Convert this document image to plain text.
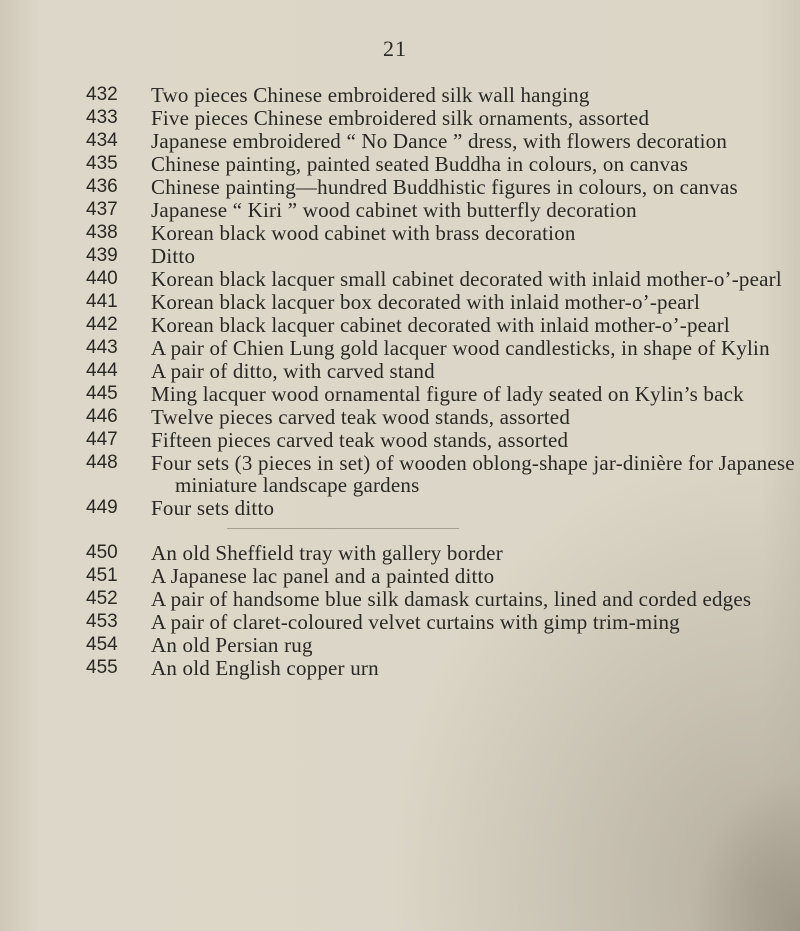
21
432	Two pieces Chinese embroidered silk wall hanging
433	Five pieces Chinese embroidered silk ornaments, assorted
434	Japanese embroidered “ No Dance ” dress, with flowers decoration
435	Chinese painting, painted seated Buddha in colours, on canvas
436	Chinese painting—hundred Buddhistic figures in colours, on canvas
437	Japanese “ Kiri ” wood cabinet with butterfly decoration
438	Korean black wood cabinet with brass decoration
439	Ditto
440	Korean black lacquer small cabinet decorated with inlaid mother-o’-pearl
441	Korean black lacquer box decorated with inlaid mother-o’-pearl
442	Korean black lacquer cabinet decorated with inlaid mother-o’-pearl
443	A pair of Chien Lung gold lacquer wood candlesticks, in shape of Kylin
444	A pair of ditto, with carved stand
445	Ming lacquer wood ornamental figure of lady seated on Kylin’s back
446	Twelve pieces carved teak wood stands, assorted
447	Fifteen pieces carved teak wood stands, assorted
448	Four sets (3 pieces in set) of wooden oblong-shape jar-dinière for Japanese miniature landscape gardens
449	Four sets ditto
450	An old Sheffield tray with gallery border
451	A Japanese lac panel and a painted ditto
452	A pair of handsome blue silk damask curtains, lined and corded edges
453	A pair of claret-coloured velvet curtains with gimp trim-ming
454	An old Persian rug
455	An old English copper urn
